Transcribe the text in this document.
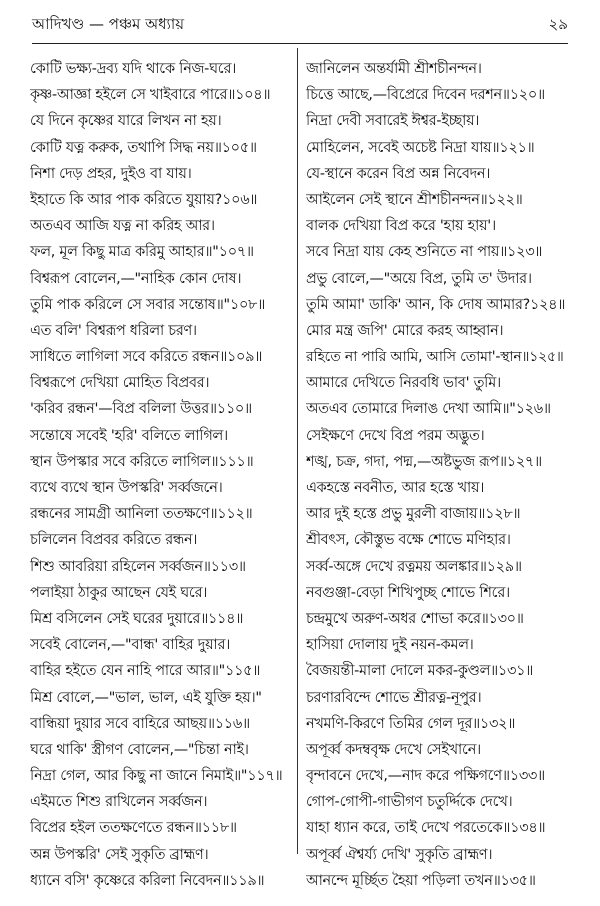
আদিখণ্ড — পঞ্চম অধ্যায়	২৯
কোটি ভক্ষ্য-দ্রব্য যদি থাকে নিজ-ঘরে।
কৃষ্ণ-আজ্ঞা হইলে সে খাইবারে পারে॥১০৪॥
যে দিনে কৃষ্ণের যারে লিখন না হয়।
কোটি যত্ন করুক, তথাপি সিদ্ধ নয়॥১০৫॥
নিশা দেড় প্রহর, দুইও বা যায়।
ইহাতে কি আর পাক করিতে যুয়ায়?১০৬॥
অতএব আজি যত্ন না করিহ আর।
ফল, মূল কিছু মাত্র করিমু আহার॥"১০৭॥
বিশ্বরূপ বোলেন,—"নাহিক কোন দোষ।
তুমি পাক করিলে সে সবার সন্তোষ॥"১০৮॥
এত বলি' বিশ্বরূপ ধরিলা চরণ।
সাধিতে লাগিলা সবে করিতে রন্ধন॥১০৯॥
বিশ্বরূপে দেখিয়া মোহিত বিপ্রবর।
'করিব রন্ধন'—বিপ্র বলিলা উত্তর॥১১০॥
সন্তোষে সবেই 'হরি' বলিতে লাগিল।
স্থান উপস্কার সবে করিতে লাগিল॥১১১॥
ব্যথে ব্যথে স্থান উপস্করি' সর্ব্বজনে।
রন্ধনের সামগ্রী আনিলা ততক্ষণে॥১১২॥
চলিলেন বিপ্রবর করিতে রন্ধন।
শিশু আবরিয়া রহিলেন সর্ব্বজন॥১১৩॥
পলাইয়া ঠাকুর আছেন যেই ঘরে।
মিশ্র বসিলেন সেই ঘরের দুয়ারে॥১১৪॥
সবেই বোলেন,—"বান্ধ' বাহির দুয়ার।
বাহির হইতে যেন নাহি পারে আর॥"১১৫॥
মিশ্র বোলে,—"ভাল, ভাল, এই যুক্তি হয়।"
বান্ধিয়া দুয়ার সবে বাহিরে আছয়॥১১৬॥
ঘরে থাকি' স্ত্রীগণ বোলেন,—"চিন্তা নাই।
নিদ্রা গেল, আর কিছু না জানে নিমাই॥"১১৭॥
এইমতে শিশু রাখিলেন সর্ব্বজন।
বিপ্রের হইল ততক্ষণেতে রন্ধন॥১১৮॥
অন্ন উপস্করি' সেই সুকৃতি ব্রাহ্মণ।
ধ্যানে বসি' কৃষ্ণেরে করিলা নিবেদন॥১১৯॥
জানিলেন অন্তর্যামী শ্রীশচীনন্দন।
চিত্তে আছে,—বিপ্রেরে দিবেন দরশন॥১২০॥
নিদ্রা দেবী সবারেই ঈশ্বর-ইচ্ছায়।
মোহিলেন, সবেই অচেষ্ট নিদ্রা যায়॥১২১॥
যে-স্থানে করেন বিপ্র অন্ন নিবেদন।
আইলেন সেই স্থানে শ্রীশচীনন্দন॥১২২॥
বালক দেখিয়া বিপ্র করে 'হায় হায়'।
সবে নিদ্রা যায় কেহ শুনিতে না পায়॥১২৩॥
প্রভু বোলে,—"অয়ে বিপ্র, তুমি ত' উদার।
তুমি আমা' ডাকি' আন, কি দোষ আমার?১২৪॥
মোর মন্ত্র জপি' মোরে করহ আহ্বান।
রহিতে না পারি আমি, আসি তোমা'-স্থান॥১২৫॥
আমারে দেখিতে নিরবধি ভাব' তুমি।
অতএব তোমারে দিলাঙ দেখা আমি॥"১২৬॥
সেইক্ষণে দেখে বিপ্র পরম অদ্ভুত।
শঙ্খ, চক্র, গদা, পদ্ম,—অষ্টভুজ রূপ॥১২৭॥
একহস্তে নবনীত, আর হস্তে খায়।
আর দুই হস্তে প্রভু মুরলী বাজায়॥১২৮॥
শ্রীবৎস, কৌস্তুভ বক্ষে শোভে মণিহার।
সর্ব্ব-অঙ্গে দেখে রত্নময় অলঙ্কার॥১২৯॥
নবগুঞ্জা-বেড়া শিখিপুচ্ছ শোভে শিরে।
চন্দ্রমুখে অরুণ-অধর শোভা করে॥১৩০॥
হাসিয়া দোলায় দুই নয়ন-কমল।
বৈজয়ন্তী-মালা দোলে মকর-কুণ্ডল॥১৩১॥
চরণারবিন্দে শোভে শ্রীরত্ন-নূপুর।
নখমণি-কিরণে তিমির গেল দূর॥১৩২॥
অপূর্ব্ব কদম্ববৃক্ষ দেখে সেইখানে।
বৃন্দাবনে দেখে,—নাদ করে পক্ষিগণে॥১৩৩॥
গোপ-গোপী-গাভীগণ চতুর্দ্দিকে দেখে।
যাহা ধ্যান করে, তাই দেখে পরতেকে॥১৩৪॥
অপূর্ব্ব ঐশ্বর্য্য দেখি' সুকৃতি ব্রাহ্মণ।
আনন্দে মূর্চ্ছিত হৈয়া পড়িলা তখন॥১৩৫॥
